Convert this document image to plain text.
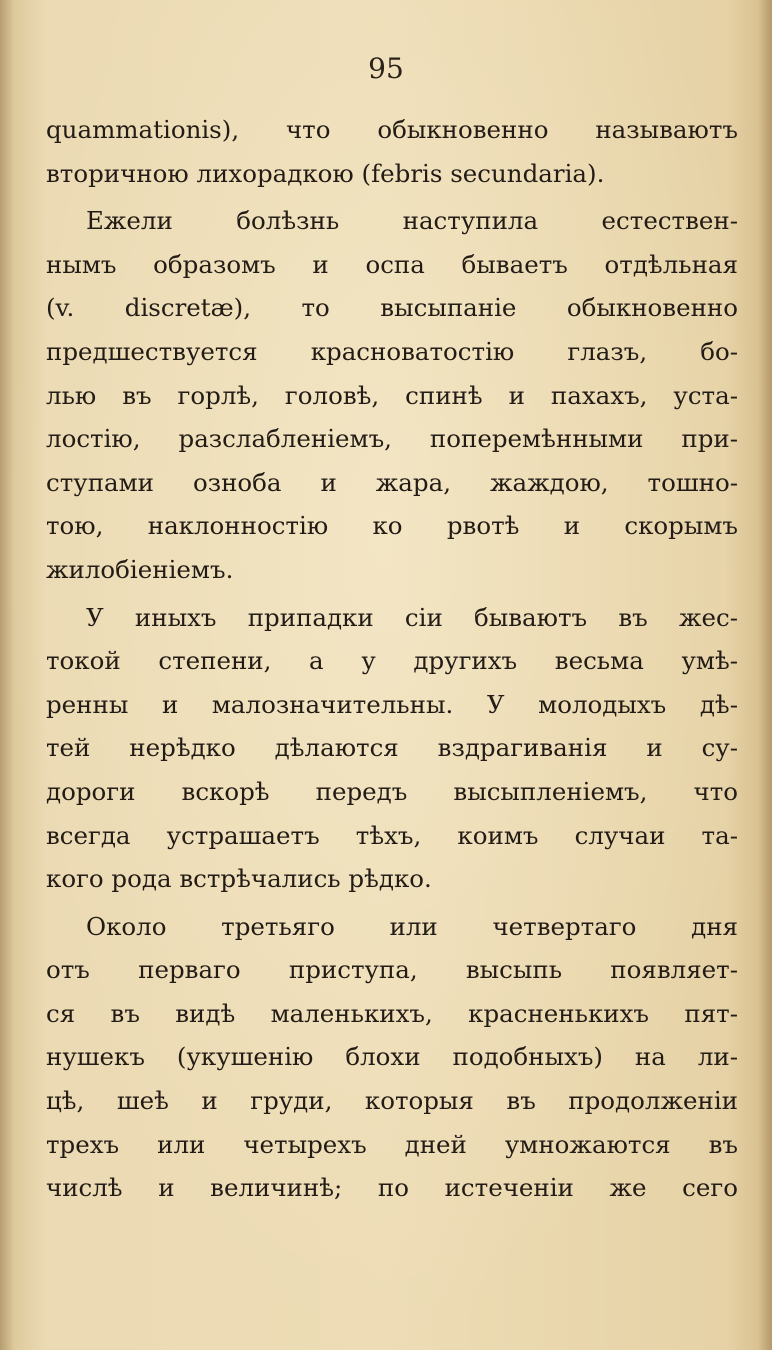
95
quammationis), что обыкновенно называютъ
вторичною лихорадкою (febris secundaria).
Ежели болѣзнь наступила естествен-
нымъ образомъ и оспа бываетъ отдѣльная
(v. discretæ), то высыпаніе обыкновенно
предшествуется красноватостію глазъ, бо-
лью въ горлѣ, головѣ, спинѣ и пахахъ, уста-
лостію, разслабленіемъ, поперемѣнными при-
ступами озноба и жара, жаждою, тошно-
тою, наклонностію ко рвотѣ и скорымъ
жилобіеніемъ.
У иныхъ припадки сіи бываютъ въ жес-
токой степени, а у другихъ весьма умѣ-
ренны и малозначительны. У молодыхъ дѣ-
тей нерѣдко дѣлаются вздрагиванія и су-
дороги вскорѣ передъ высыпленіемъ, что
всегда устрашаетъ тѣхъ, коимъ случаи та-
кого рода встрѣчались рѣдко.
Около третьяго или четвертаго дня
отъ перваго приступа, высыпь появляет-
ся въ видѣ маленькихъ, красненькихъ пят-
нушекъ (укушенію блохи подобныхъ) на ли-
цѣ, шеѣ и груди, которыя въ продолженіи
трехъ или четырехъ дней умножаются въ
числѣ и величинѣ; по истеченіи же сего
